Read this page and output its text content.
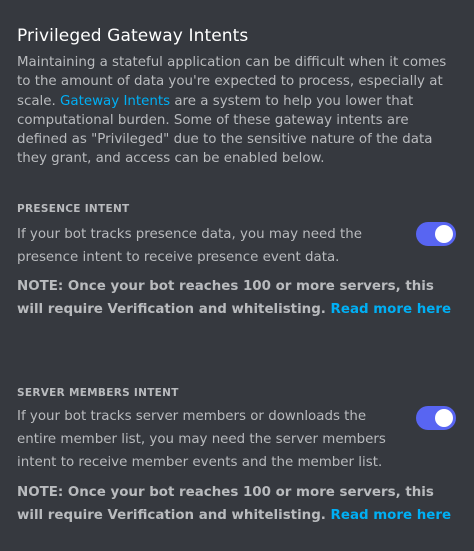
Privileged Gateway Intents

Maintaining a stateful application can be difficult when it comes to the amount of data you're expected to process, especially at scale. Gateway Intents are a system to help you lower that computational burden. Some of these gateway intents are defined as "Privileged" due to the sensitive nature of the data they grant, and access can be enabled below.

PRESENCE INTENT

If your bot tracks presence data, you may need the presence intent to receive presence event data.

NOTE: Once your bot reaches 100 or more servers, this will require Verification and whitelisting. Read more here

SERVER MEMBERS INTENT

If your bot tracks server members or downloads the entire member list, you may need the server members intent to receive member events and the member list.

NOTE: Once your bot reaches 100 or more servers, this will require Verification and whitelisting. Read more here
